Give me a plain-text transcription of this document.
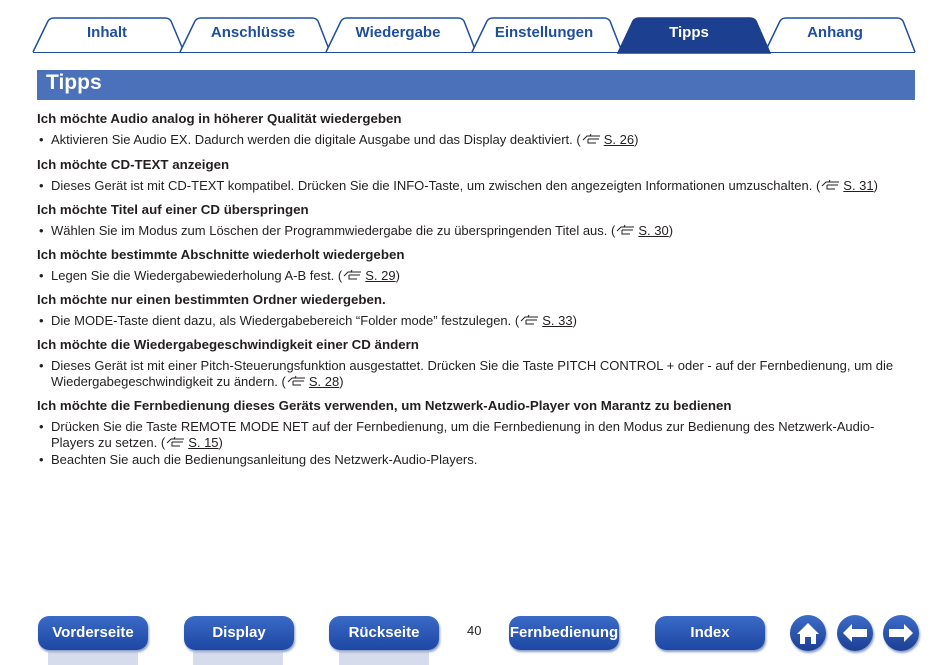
Inhalt	Anschlüsse	Wiedergabe	Einstellungen	Tipps	Anhang
Tipps
Ich möchte Audio analog in höherer Qualität wiedergeben
• Aktivieren Sie Audio EX. Dadurch werden die digitale Ausgabe und das Display deaktiviert. ( S. 26)
Ich möchte CD-TEXT anzeigen
• Dieses Gerät ist mit CD-TEXT kompatibel. Drücken Sie die INFO-Taste, um zwischen den angezeigten Informationen umzuschalten. ( S. 31)
Ich möchte Titel auf einer CD überspringen
• Wählen Sie im Modus zum Löschen der Programmwiedergabe die zu überspringenden Titel aus. ( S. 30)
Ich möchte bestimmte Abschnitte wiederholt wiedergeben
• Legen Sie die Wiedergabewiederholung A-B fest. ( S. 29)
Ich möchte nur einen bestimmten Ordner wiedergeben.
• Die MODE-Taste dient dazu, als Wiedergabebereich “Folder mode” festzulegen. ( S. 33)
Ich möchte die Wiedergabegeschwindigkeit einer CD ändern
• Dieses Gerät ist mit einer Pitch-Steuerungsfunktion ausgestattet. Drücken Sie die Taste PITCH CONTROL + oder - auf der Fernbedienung, um die Wiedergabegeschwindigkeit zu ändern. ( S. 28)
Ich möchte die Fernbedienung dieses Geräts verwenden, um Netzwerk-Audio-Player von Marantz zu bedienen
• Drücken Sie die Taste REMOTE MODE NET auf der Fernbedienung, um die Fernbedienung in den Modus zur Bedienung des Netzwerk-Audio-Players zu setzen. ( S. 15)
• Beachten Sie auch die Bedienungsanleitung des Netzwerk-Audio-Players.
Vorderseite	Display	Rückseite	40 Fernbedienung	Index
